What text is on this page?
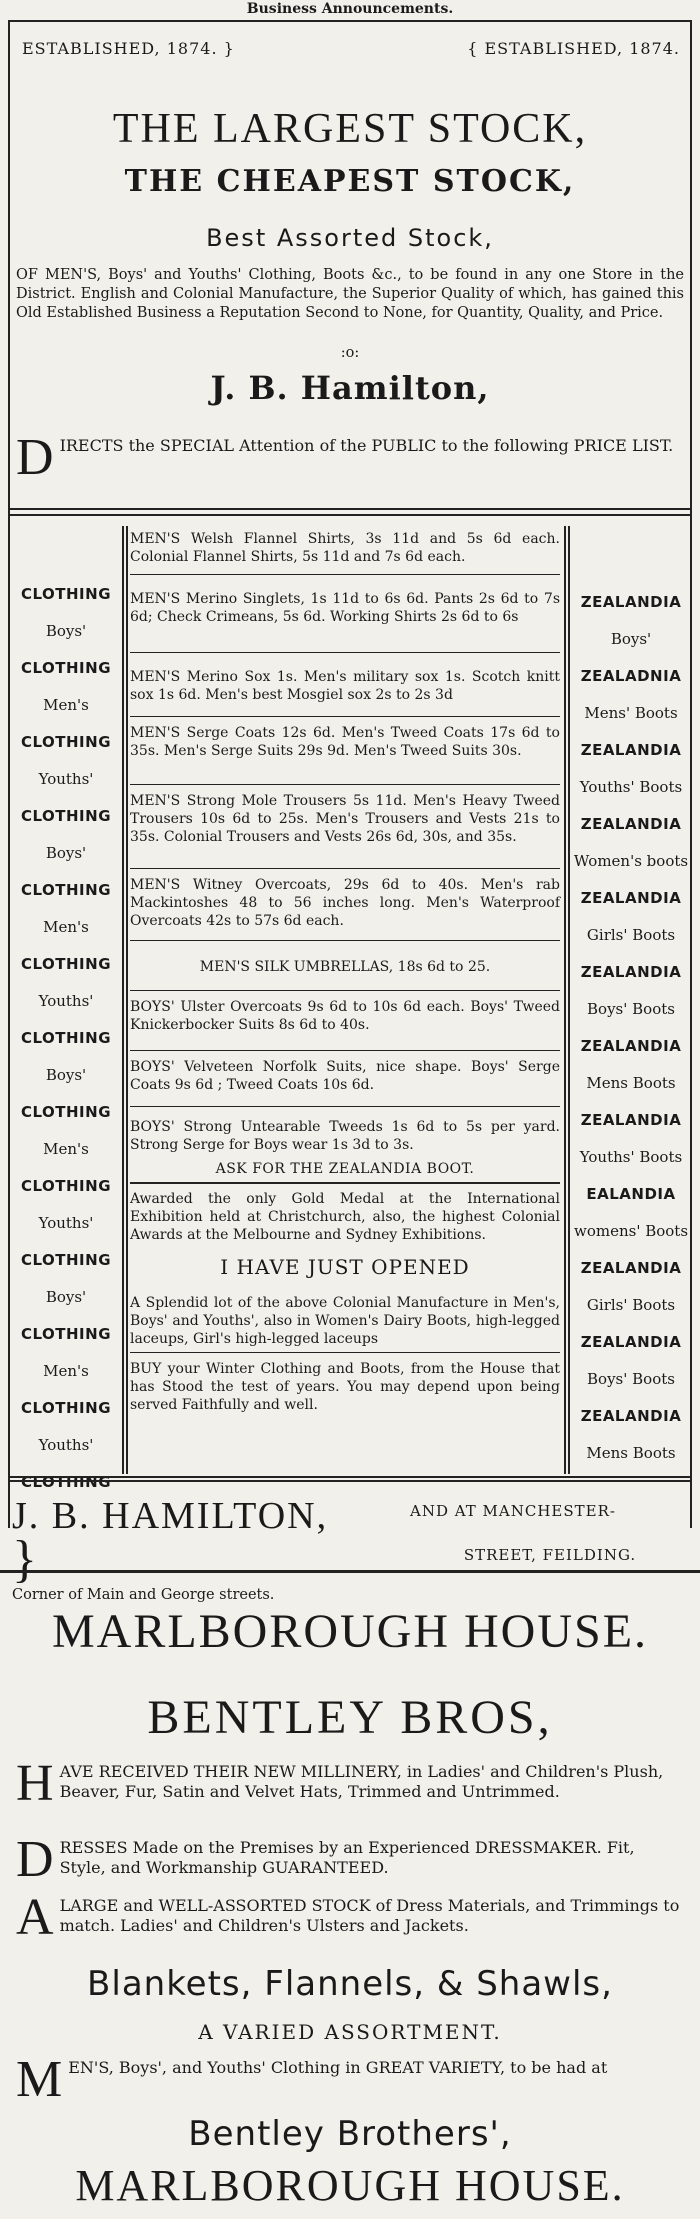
Business Announcements.
ESTABLISHED, 1874. }	{ ESTABLISHED, 1874.
THE LARGEST STOCK,
THE CHEAPEST STOCK,
Best Assorted Stock,
OF MEN'S, Boys' and Youths' Clothing, Boots &c., to be found in any one Store in the District. English and Colonial Manufacture, the Superior Quality of which, has gained this Old Established Business a Reputation Second to None, for Quantity, Quality, and Price.
:o:
J. B. Hamilton,
D IRECTS the SPECIAL Attention of the PUBLIC to the following PRICE LIST.
CLOTHING
Boys'
CLOTHING
Men's
CLOTHING
Youths'
CLOTHING
Boys'
CLOTHING
Men's
CLOTHING
Youths'
CLOTHING
Boys'
CLOTHING
Men's
CLOTHING
Youths'
CLOTHING
Boys'
CLOTHING
Men's
CLOTHING
Youths'
CLOTHING
ZEALANDIA
Boys'
ZEALADNIA
Mens' Boots
ZEALANDIA
Youths' Boots
ZEALANDIA
Women's boots
ZEALANDIA
Girls' Boots
ZEALANDIA
Boys' Boots
ZEALANDIA
Mens Boots
ZEALANDIA
Youths' Boots
EALANDIA
womens' Boots
ZEALANDIA
Girls' Boots
ZEALANDIA
Boys' Boots
ZEALANDIA
Mens Boots
MEN'S Welsh Flannel Shirts, 3s 11d and 5s 6d each. Colonial Flannel Shirts, 5s 11d and 7s 6d each.
MEN'S Merino Singlets, 1s 11d to 6s 6d. Pants 2s 6d to 7s 6d; Check Crimeans, 5s 6d. Working Shirts 2s 6d to 6s
MEN'S Merino Sox 1s. Men's military sox 1s. Scotch knitt sox 1s 6d. Men's best Mosgiel sox 2s to 2s 3d
MEN'S Serge Coats 12s 6d. Men's Tweed Coats 17s 6d to 35s. Men's Serge Suits 29s 9d. Men's Tweed Suits 30s.
MEN'S Strong Mole Trousers 5s 11d. Men's Heavy Tweed Trousers 10s 6d to 25s. Men's Trousers and Vests 21s to 35s. Colonial Trousers and Vests 26s 6d, 30s, and 35s.
MEN'S Witney Overcoats, 29s 6d to 40s. Men's rab Mackintoshes 48 to 56 inches long. Men's Waterproof Overcoats 42s to 57s 6d each.
MEN'S SILK UMBRELLAS, 18s 6d to 25.
BOYS' Ulster Overcoats 9s 6d to 10s 6d each. Boys' Tweed Knickerbocker Suits 8s 6d to 40s.
BOYS' Velveteen Norfolk Suits, nice shape. Boys' Serge Coats 9s 6d ; Tweed Coats 10s 6d.
BOYS' Strong Untearable Tweeds 1s 6d to 5s per yard. Strong Serge for Boys wear 1s 3d to 3s.
ASK FOR THE ZEALANDIA BOOT.
Awarded the only Gold Medal at the International Exhibition held at Christchurch, also, the highest Colonial Awards at the Melbourne and Sydney Exhibitions.
I HAVE JUST OPENED
A Splendid lot of the above Colonial Manufacture in Men's, Boys' and Youths', also in Women's Dairy Boots, high-legged laceups, Girl's high-legged laceups
BUY your Winter Clothing and Boots, from the House that has Stood the test of years. You may depend upon being served Faithfully and well.
J. B. HAMILTON, }
Corner of Main and George streets.
AND AT MANCHESTER-
STREET, FEILDING.
MARLBOROUGH HOUSE.
BENTLEY BROS,
H AVE RECEIVED THEIR NEW MILLINERY, in Ladies' and Children's Plush, Beaver, Fur, Satin and Velvet Hats, Trimmed and Untrimmed.
D RESSES Made on the Premises by an Experienced DRESSMAKER. Fit, Style, and Workmanship GUARANTEED.
A LARGE and WELL-ASSORTED STOCK of Dress Materials, and Trimmings to match. Ladies' and Children's Ulsters and Jackets.
Blankets, Flannels, & Shawls,
A VARIED ASSORTMENT.
M EN'S, Boys', and Youths' Clothing in GREAT VARIETY, to be had at
Bentley Brothers',
MARLBOROUGH HOUSE.
